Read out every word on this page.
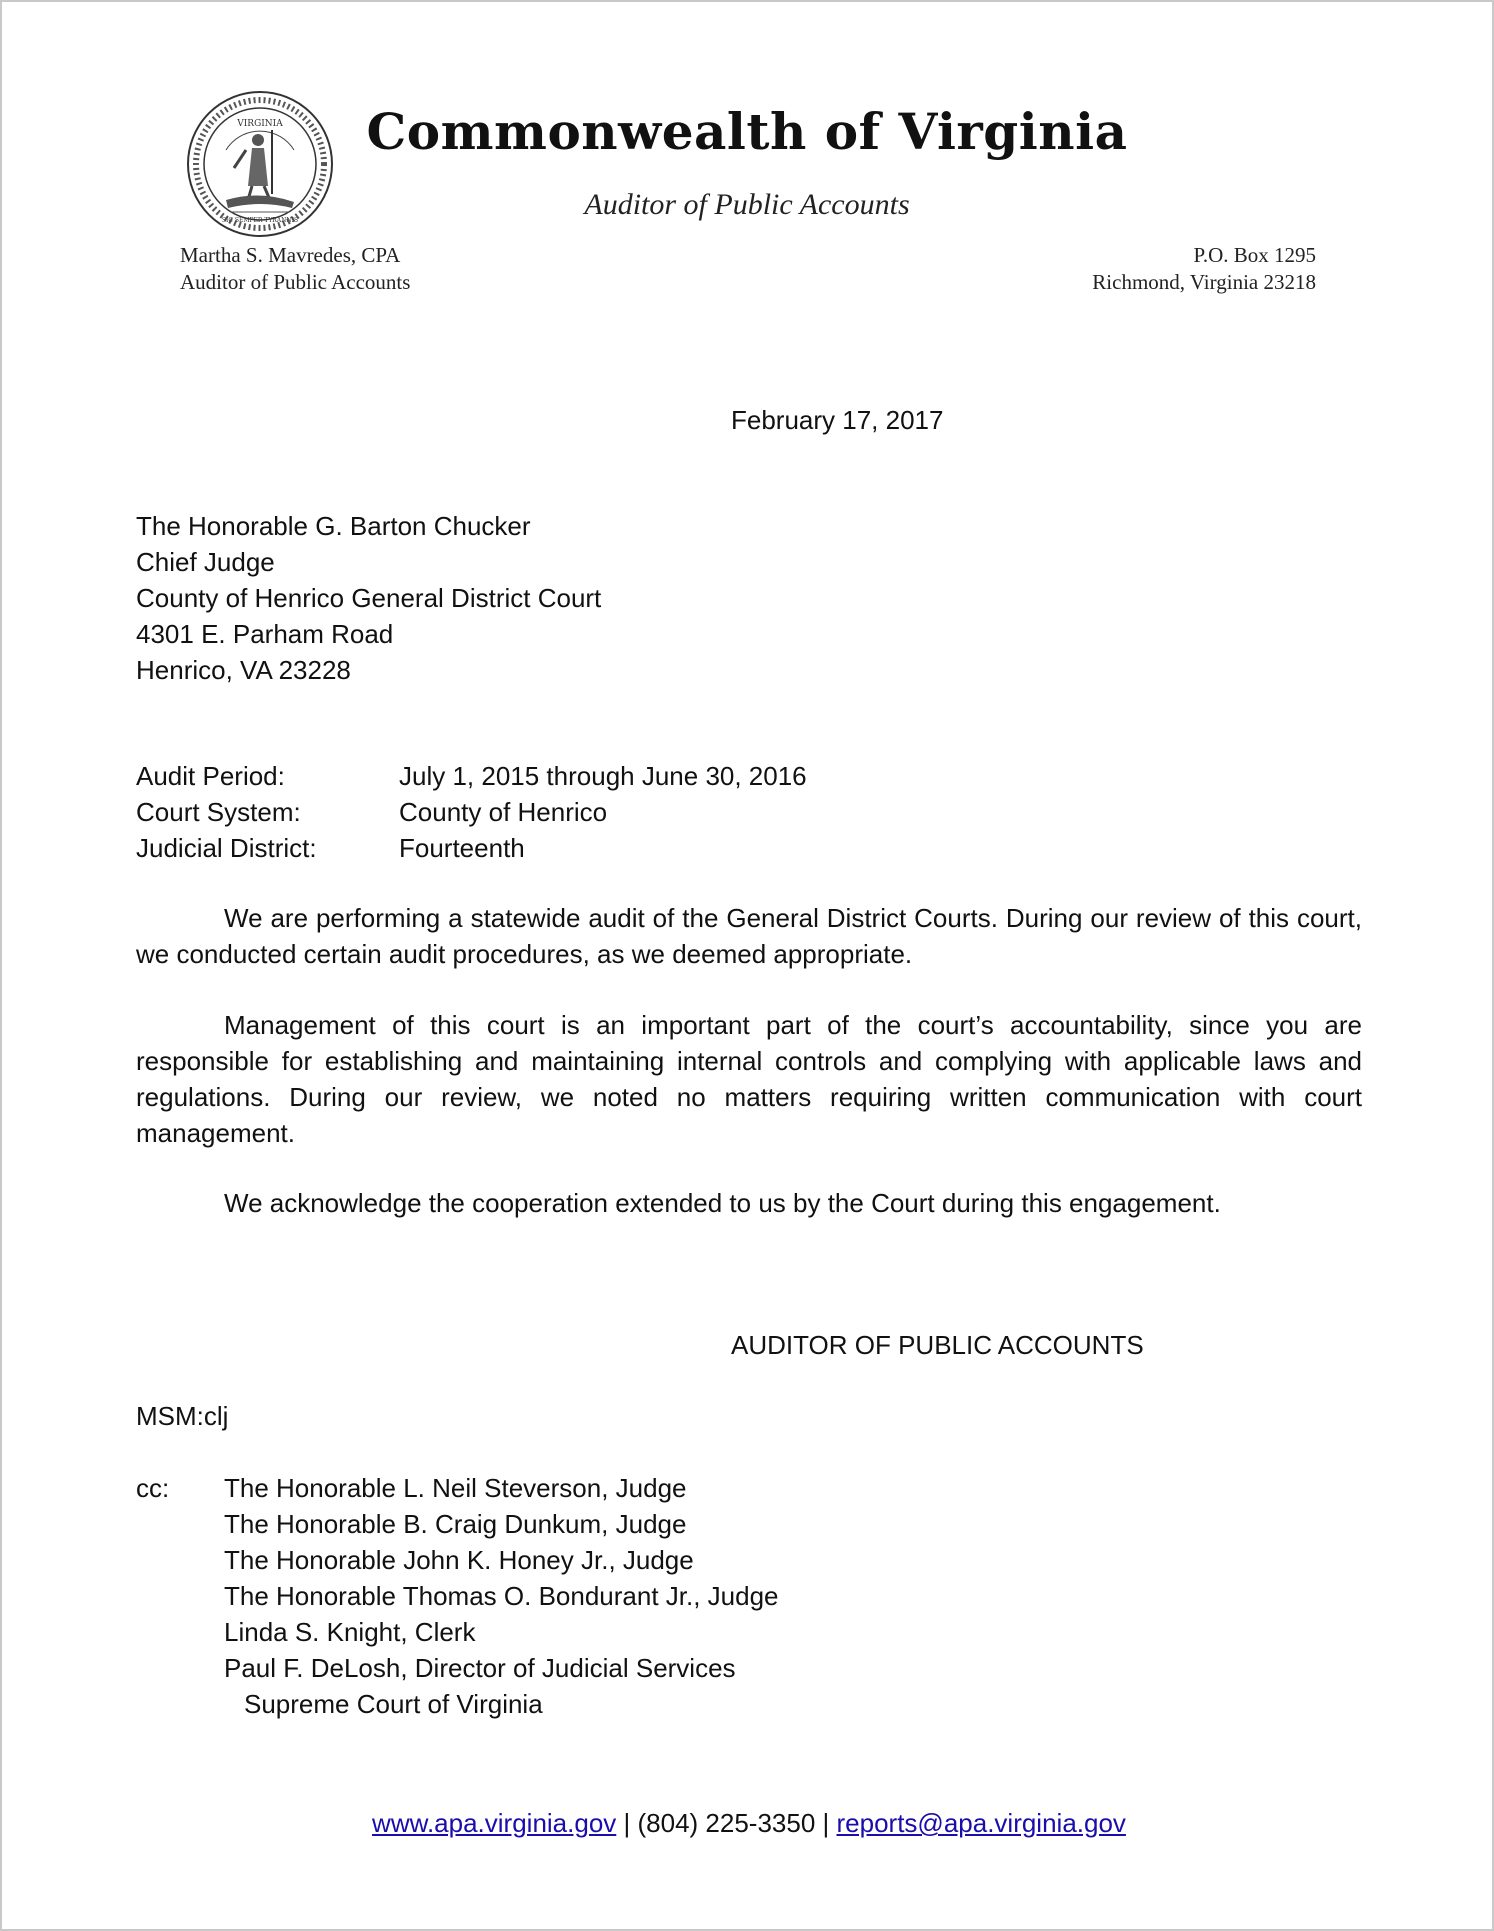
VIRGINIA
SIC SEMPER TYRANNIS
Commonwealth of Virginia
Auditor of Public Accounts
Martha S. Mavredes, CPA
Auditor of Public Accounts
P.O. Box 1295
Richmond, Virginia 23218
February 17, 2017
The Honorable G. Barton Chucker
Chief Judge
County of Henrico General District Court
4301 E. Parham Road
Henrico, VA 23228
Audit Period:	July 1, 2015 through June 30, 2016
Court System:	County of Henrico
Judicial District:	Fourteenth
We are performing a statewide audit of the General District Courts. During our review of this court, we conducted certain audit procedures, as we deemed appropriate.
Management of this court is an important part of the court’s accountability, since you are responsible for establishing and maintaining internal controls and complying with applicable laws and regulations. During our review, we noted no matters requiring written communication with court management.
We acknowledge the cooperation extended to us by the Court during this engagement.
AUDITOR OF PUBLIC ACCOUNTS
MSM:clj
cc: The Honorable L. Neil Steverson, Judge
The Honorable B. Craig Dunkum, Judge
The Honorable John K. Honey Jr., Judge
The Honorable Thomas O. Bondurant Jr., Judge
Linda S. Knight, Clerk
Paul F. DeLosh, Director of Judicial Services
Supreme Court of Virginia
www.apa.virginia.gov | (804) 225-3350 | reports@apa.virginia.gov
